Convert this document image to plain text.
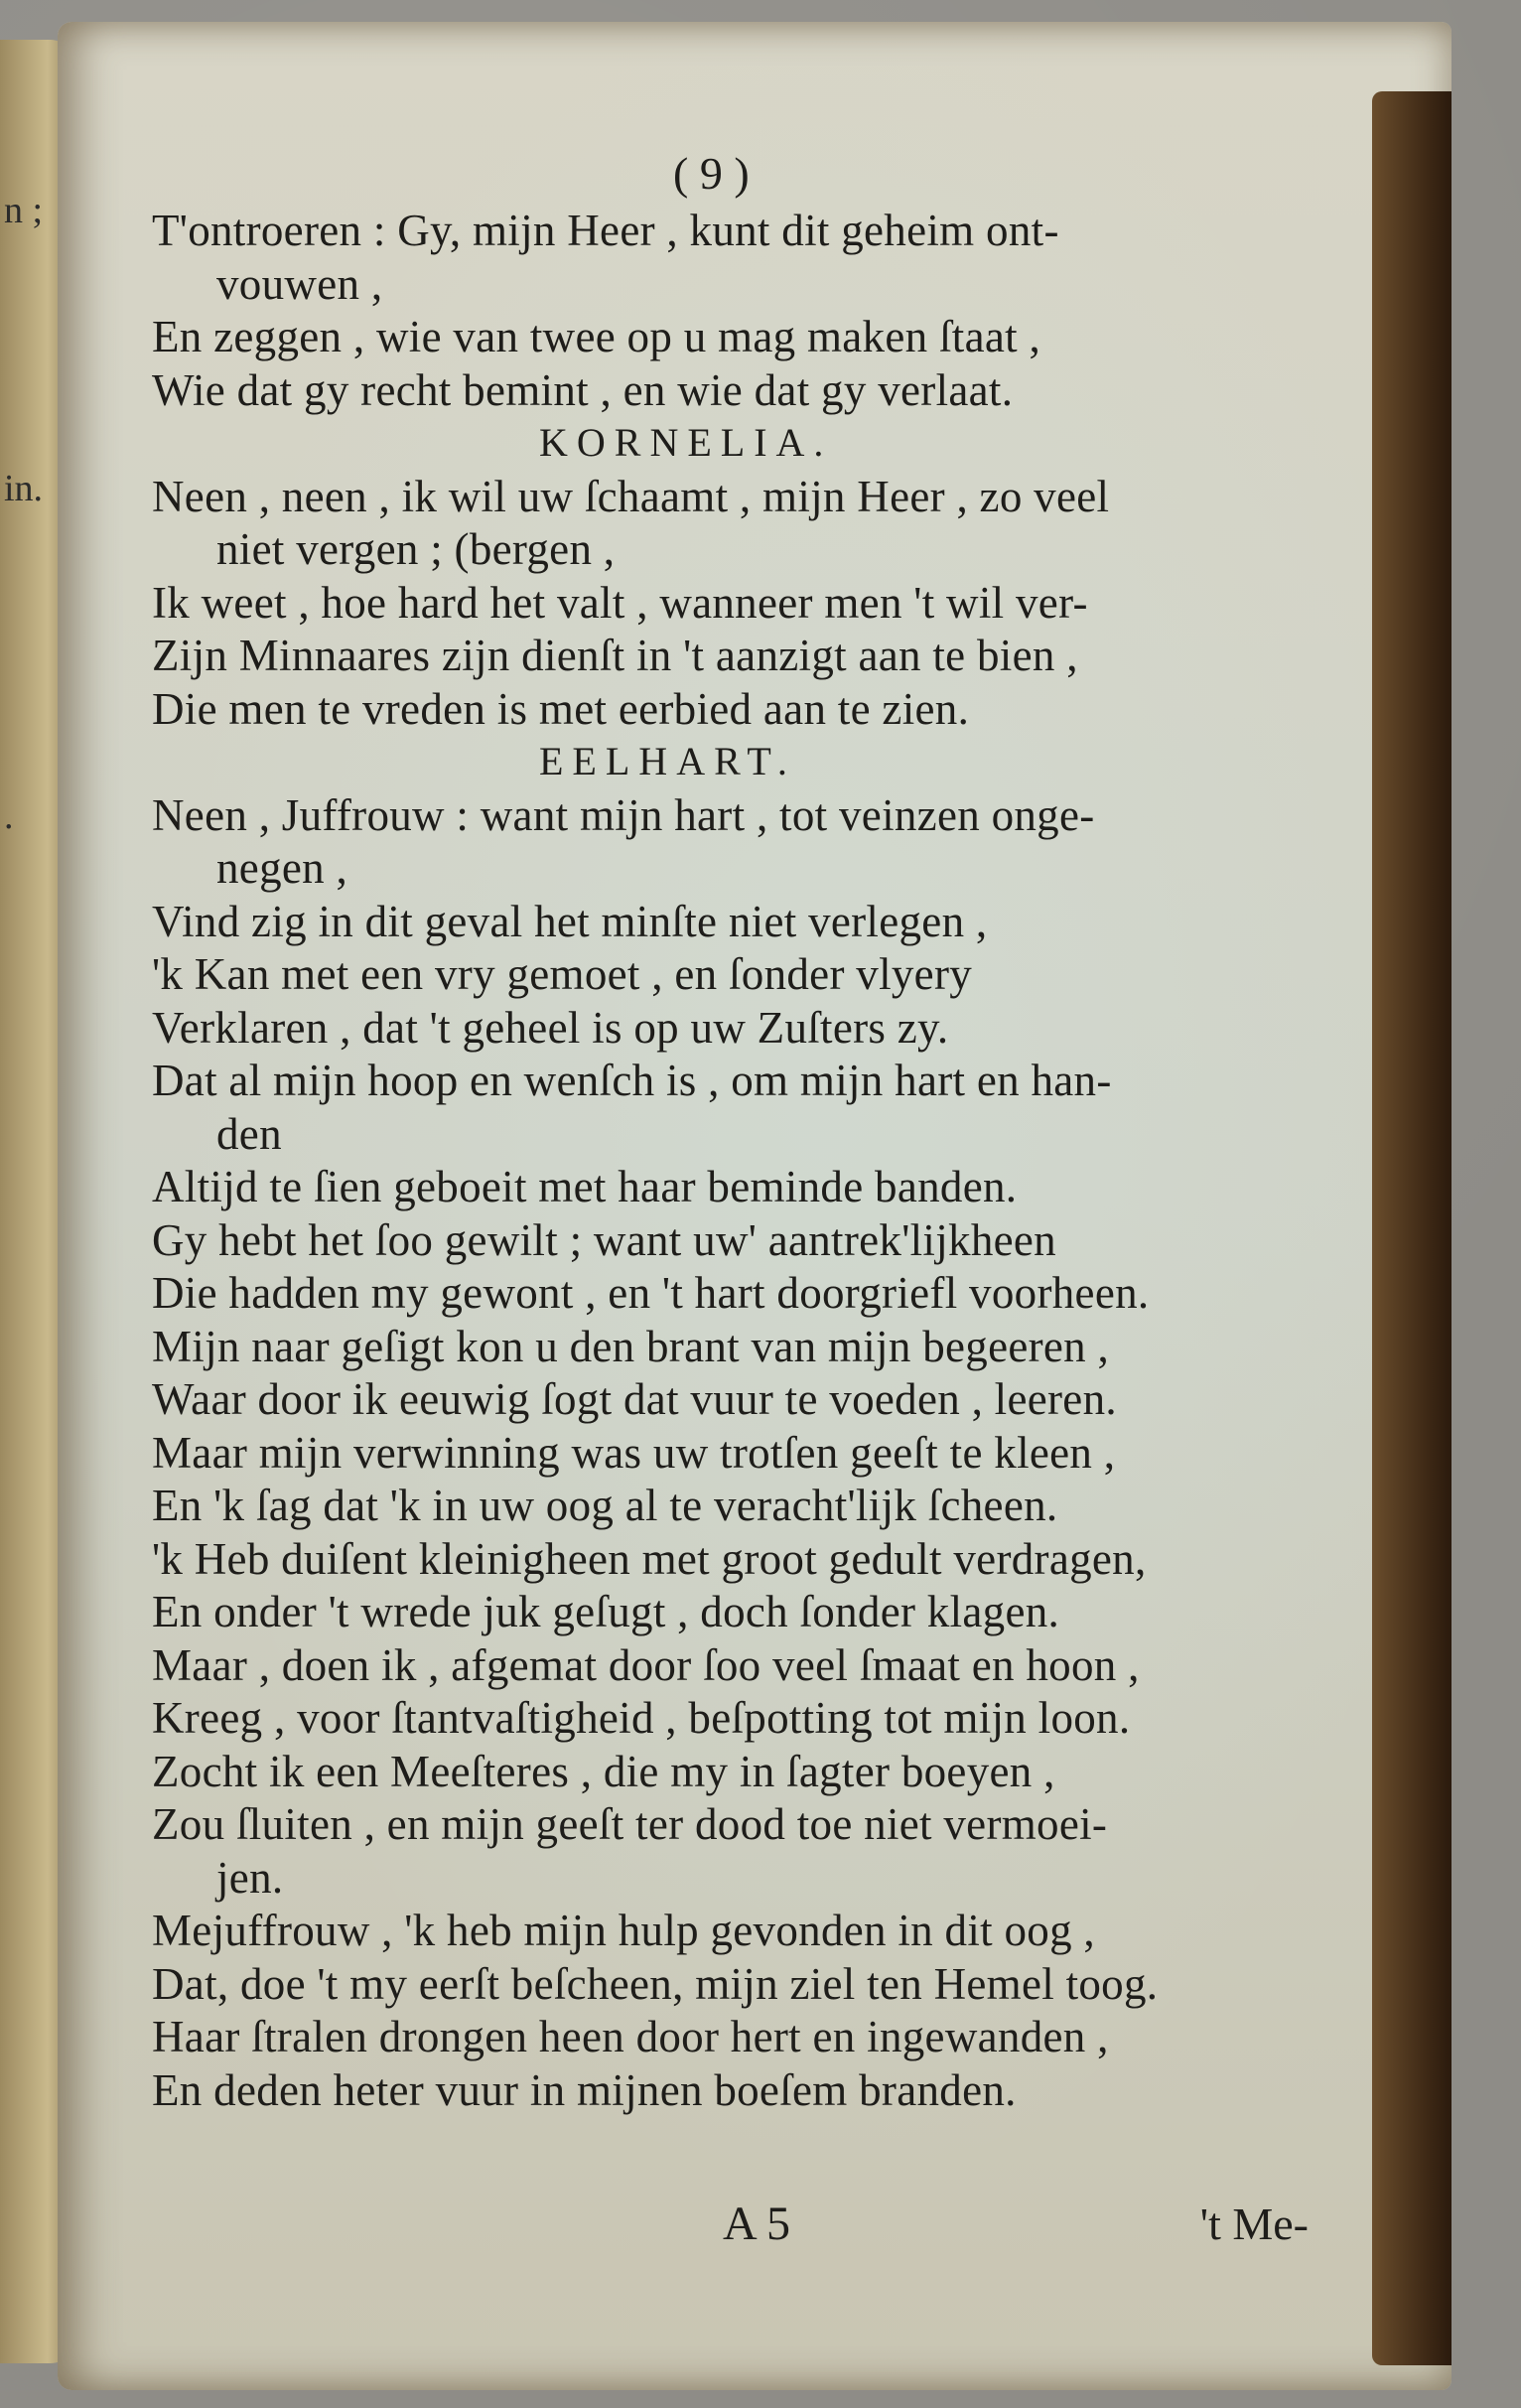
n ;
in.
.
( 9 )
T'ontroeren : Gy, mijn Heer , kunt dit geheim ont-
vouwen ,
En zeggen , wie van twee op u mag maken ſtaat ,
Wie dat gy recht bemint , en wie dat gy verlaat.
KORNELIA.
Neen , neen , ik wil uw ſchaamt , mijn Heer , zo veel
niet vergen ; (bergen ,
Ik weet , hoe hard het valt , wanneer men 't wil ver-
Zijn Minnaares zijn dienſt in 't aanzigt aan te bien ,
Die men te vreden is met eerbied aan te zien.
EELHART.
Neen , Juffrouw : want mijn hart , tot veinzen onge-
negen ,
Vind zig in dit geval het minſte niet verlegen ,
'k Kan met een vry gemoet , en ſonder vlyery
Verklaren , dat 't geheel is op uw Zuſters zy.
Dat al mijn hoop en wenſch is , om mijn hart en han-
den
Altijd te ſien geboeit met haar beminde banden.
Gy hebt het ſoo gewilt ; want uw' aantrek'lijkheen
Die hadden my gewont , en 't hart doorgriefl voorheen.
Mijn naar geſigt kon u den brant van mijn begeeren ,
Waar door ik eeuwig ſogt dat vuur te voeden , leeren.
Maar mijn verwinning was uw trotſen geeſt te kleen ,
En 'k ſag dat 'k in uw oog al te veracht'lijk ſcheen.
'k Heb duiſent kleinigheen met groot gedult verdragen,
En onder 't wrede juk geſugt , doch ſonder klagen.
Maar , doen ik , afgemat door ſoo veel ſmaat en hoon ,
Kreeg , voor ſtantvaſtigheid , beſpotting tot mijn loon.
Zocht ik een Meeſteres , die my in ſagter boeyen ,
Zou ſluiten , en mijn geeſt ter dood toe niet vermoei-
jen.
Mejuffrouw , 'k heb mijn hulp gevonden in dit oog ,
Dat, doe 't my eerſt beſcheen, mijn ziel ten Hemel toog.
Haar ſtralen drongen heen door hert en ingewanden ,
En deden heter vuur in mijnen boeſem branden.
A 5	't Me-
